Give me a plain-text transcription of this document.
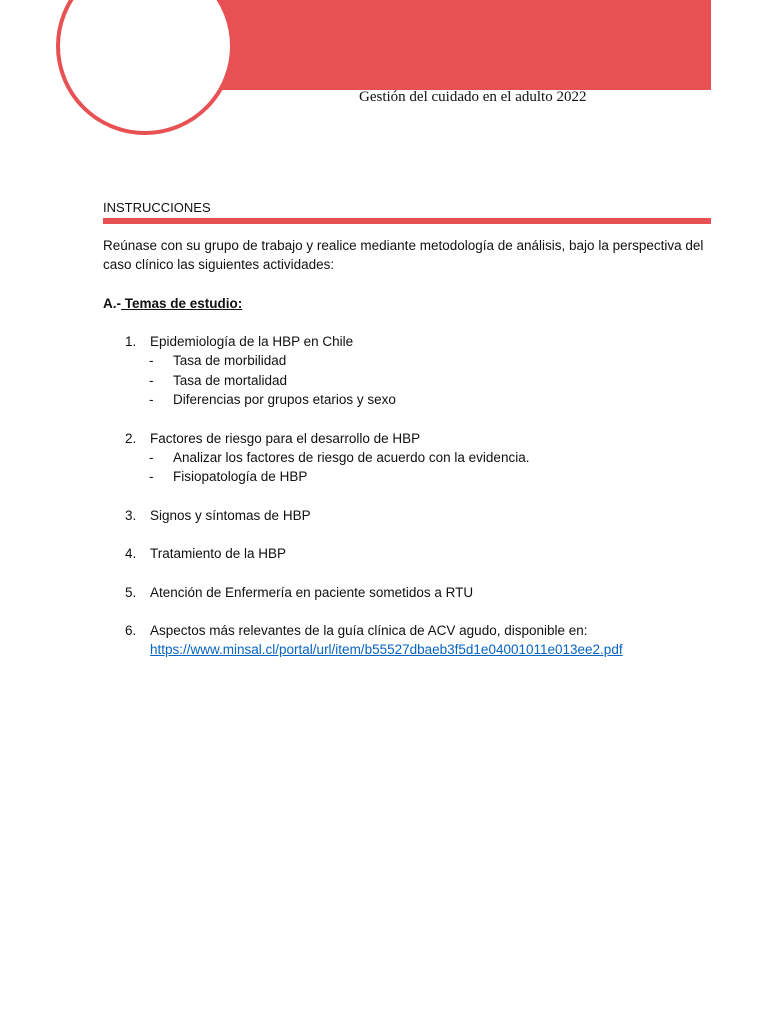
Gestión del cuidado en el adulto 2022
INSTRUCCIONES
Reúnase con su grupo de trabajo y realice mediante metodología de análisis, bajo la perspectiva del caso clínico las siguientes actividades:
A.- Temas de estudio:
1.	Epidemiología de la HBP en Chile
- Tasa de morbilidad
- Tasa de mortalidad
- Diferencias por grupos etarios y sexo
2.	Factores de riesgo para el desarrollo de HBP
- Analizar los factores de riesgo de acuerdo con la evidencia.
- Fisiopatología de HBP
3.	Signos y síntomas de HBP
4.	Tratamiento de la HBP
5.	Atención de Enfermería en paciente sometidos a RTU
6.	Aspectos más relevantes de la guía clínica de ACV agudo, disponible en:
https://www.minsal.cl/portal/url/item/b55527dbaeb3f5d1e04001011e013ee2.pdf
